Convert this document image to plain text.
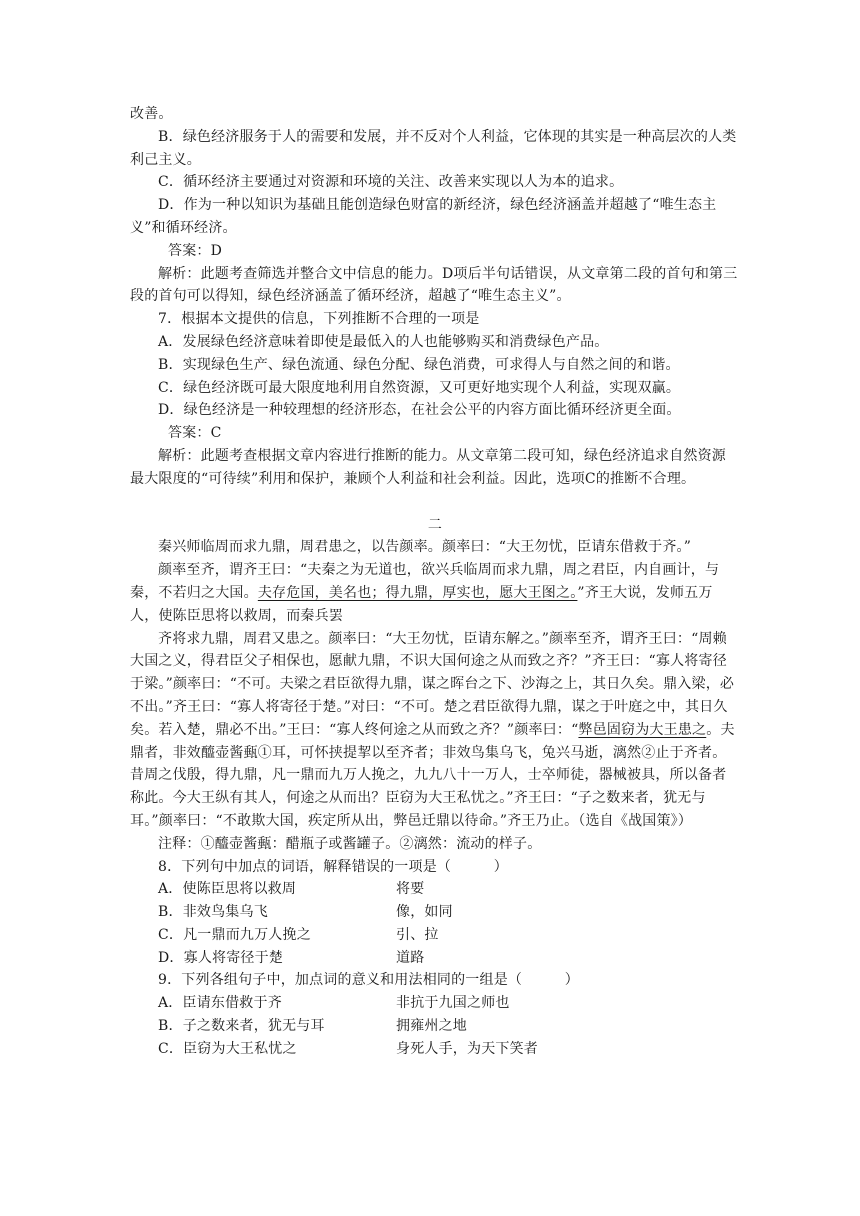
改善。

B．绿色经济服务于人的需要和发展，并不反对个人利益，它体现的其实是一种高层次的人类利己主义。

C．循环经济主要通过对资源和环境的关注、改善来实现以人为本的追求。

D．作为一种以知识为基础且能创造绿色财富的新经济，绿色经济涵盖并超越了“唯生态主义”和循环经济。

答案：D

解析：此题考查筛选并整合文中信息的能力。D项后半句话错误，从文章第二段的首句和第三段的首句可以得知，绿色经济涵盖了循环经济，超越了“唯生态主义”。

7．根据本文提供的信息，下列推断不合理的一项是

A．发展绿色经济意味着即使是最低入的人也能够购买和消费绿色产品。

B．实现绿色生产、绿色流通、绿色分配、绿色消费，可求得人与自然之间的和谐。

C．绿色经济既可最大限度地利用自然资源，又可更好地实现个人利益，实现双赢。

D．绿色经济是一种较理想的经济形态，在社会公平的内容方面比循环经济更全面。

答案：C

解析：此题考查根据文章内容进行推断的能力。从文章第二段可知，绿色经济追求自然资源最大限度的“可待续”利用和保护，兼顾个人利益和社会利益。因此，选项C的推断不合理。

二

秦兴师临周而求九鼎，周君患之，以告颜率。颜率曰：“大王勿忧，臣请东借救于齐。”

颜率至齐，谓齐王曰：“夫秦之为无道也，欲兴兵临周而求九鼎，周之君臣，内自画计，与秦，不若归之大国。夫存危国，美名也；得九鼎，厚实也，愿大王图之。”齐王大说，发师五万人，使陈臣思将以救周，而秦兵罢

齐将求九鼎，周君又患之。颜率曰：“大王勿忧，臣请东解之。”颜率至齐，谓齐王曰：“周赖大国之义，得君臣父子相保也，愿献九鼎，不识大国何途之从而致之齐？”齐王曰：“寡人将寄径于梁。”颜率曰：“不可。夫梁之君臣欲得九鼎，谋之晖台之下、沙海之上，其日久矣。鼎入梁，必不出。”齐王曰：“寡人将寄径于楚。”对曰：“不可。楚之君臣欲得九鼎，谋之于叶庭之中，其日久矣。若入楚，鼎必不出。”王曰：“寡人终何途之从而致之齐？”颜率曰：“弊邑固窃为大王患之。夫鼎者，非效醯壶酱甀①耳，可怀挟提挈以至齐者；非效鸟集乌飞，兔兴马逝，漓然②止于齐者。昔周之伐殷，得九鼎，凡一鼎而九万人挽之，九九八十一万人，士卒师徒，器械被具，所以备者称此。今大王纵有其人，何途之从而出？臣窃为大王私忧之。”齐王曰：“子之数来者，犹无与耳。”颜率曰：“不敢欺大国，疾定所从出，弊邑迁鼎以待命。”齐王乃止。（选自《战国策》）

注释：①醯壶酱甀：醋瓶子或酱罐子。②漓然：流动的样子。

8．下列句中加点的词语，解释错误的一项是（　　　）

A．使陈臣思将以救周	将要
B．非效鸟集乌飞	像，如同
C．凡一鼎而九万人挽之	引、拉
D．寡人将寄径于楚	道路

9．下列各组句子中，加点词的意义和用法相同的一组是（　　　）

A．臣请东借救于齐	非抗于九国之师也
B．子之数来者，犹无与耳	拥雍州之地
C．臣窃为大王私忧之	身死人手，为天下笑者
